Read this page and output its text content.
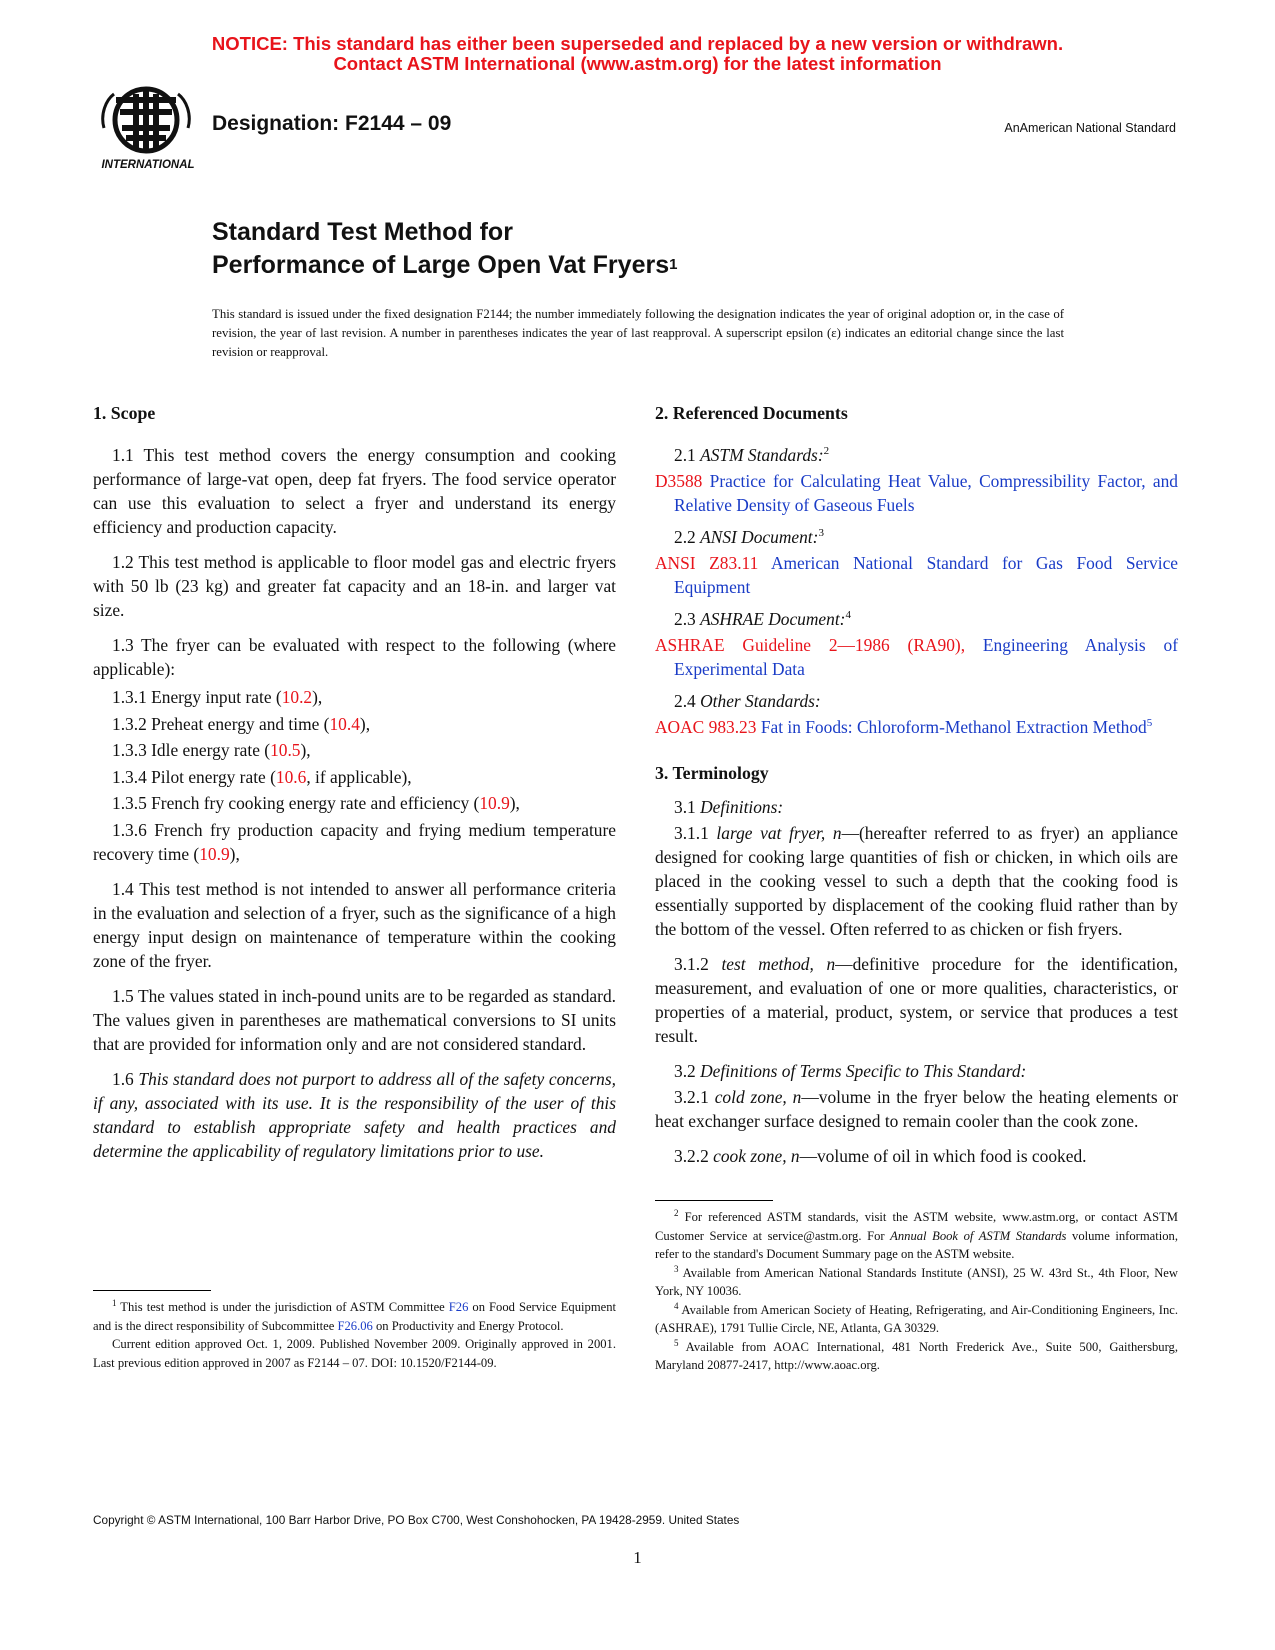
NOTICE: This standard has either been superseded and replaced by a new version or withdrawn.
Contact ASTM International (www.astm.org) for the latest information
INTERNATIONAL
Designation: F2144 – 09	AnAmerican National Standard
Standard Test Method for
Performance of Large Open Vat Fryers$^1$
This standard is issued under the fixed designation F2144; the number immediately following the designation indicates the year of original adoption or, in the case of revision, the year of last revision. A number in parentheses indicates the year of last reapproval. A superscript epsilon (ε) indicates an editorial change since the last revision or reapproval.

1. Scope

1.1 This test method covers the energy consumption and cooking performance of large-vat open, deep fat fryers. The food service operator can use this evaluation to select a fryer and understand its energy efficiency and production capacity.

1.2 This test method is applicable to floor model gas and electric fryers with 50 lb (23 kg) and greater fat capacity and an 18-in. and larger vat size.

1.3 The fryer can be evaluated with respect to the following (where applicable):

1.3.1 Energy input rate (10.2),

1.3.2 Preheat energy and time (10.4),

1.3.3 Idle energy rate (10.5),

1.3.4 Pilot energy rate (10.6, if applicable),

1.3.5 French fry cooking energy rate and efficiency (10.9),

1.3.6 French fry production capacity and frying medium temperature recovery time (10.9),

1.4 This test method is not intended to answer all performance criteria in the evaluation and selection of a fryer, such as the significance of a high energy input design on maintenance of temperature within the cooking zone of the fryer.

1.5 The values stated in inch-pound units are to be regarded as standard. The values given in parentheses are mathematical conversions to SI units that are provided for information only and are not considered standard.

1.6 This standard does not purport to address all of the safety concerns, if any, associated with its use. It is the responsibility of the user of this standard to establish appropriate safety and health practices and determine the applicability of regulatory limitations prior to use.

2. Referenced Documents

2.1 ASTM Standards:$^2$

D3588 Practice for Calculating Heat Value, Compressibility Factor, and Relative Density of Gaseous Fuels

2.2 ANSI Document:$^3$

ANSI Z83.11 American National Standard for Gas Food Service Equipment

2.3 ASHRAE Document:$^4$

ASHRAE Guideline 2—1986 (RA90), Engineering Analysis of Experimental Data

2.4 Other Standards:

AOAC 983.23 Fat in Foods: Chloroform-Methanol Extraction Method$^5$

3. Terminology

3.1 Definitions:

3.1.1 large vat fryer, n—(hereafter referred to as fryer) an appliance designed for cooking large quantities of fish or chicken, in which oils are placed in the cooking vessel to such a depth that the cooking food is essentially supported by displacement of the cooking fluid rather than by the bottom of the vessel. Often referred to as chicken or fish fryers.

3.1.2 test method, n—definitive procedure for the identification, measurement, and evaluation of one or more qualities, characteristics, or properties of a material, product, system, or service that produces a test result.

3.2 Definitions of Terms Specific to This Standard:

3.2.1 cold zone, n—volume in the fryer below the heating elements or heat exchanger surface designed to remain cooler than the cook zone.

3.2.2 cook zone, n—volume of oil in which food is cooked.

$^1$ This test method is under the jurisdiction of ASTM Committee F26 on Food Service Equipment and is the direct responsibility of Subcommittee F26.06 on Productivity and Energy Protocol.

Current edition approved Oct. 1, 2009. Published November 2009. Originally approved in 2001. Last previous edition approved in 2007 as F2144 – 07. DOI: 10.1520/F2144-09.

$^2$ For referenced ASTM standards, visit the ASTM website, www.astm.org, or contact ASTM Customer Service at service@astm.org. For Annual Book of ASTM Standards volume information, refer to the standard's Document Summary page on the ASTM website.

$^3$ Available from American National Standards Institute (ANSI), 25 W. 43rd St., 4th Floor, New York, NY 10036.

$^4$ Available from American Society of Heating, Refrigerating, and Air-Conditioning Engineers, Inc. (ASHRAE), 1791 Tullie Circle, NE, Atlanta, GA 30329.

$^5$ Available from AOAC International, 481 North Frederick Ave., Suite 500, Gaithersburg, Maryland 20877-2417, http://www.aoac.org.

Copyright © ASTM International, 100 Barr Harbor Drive, PO Box C700, West Conshohocken, PA 19428-2959. United States
1
